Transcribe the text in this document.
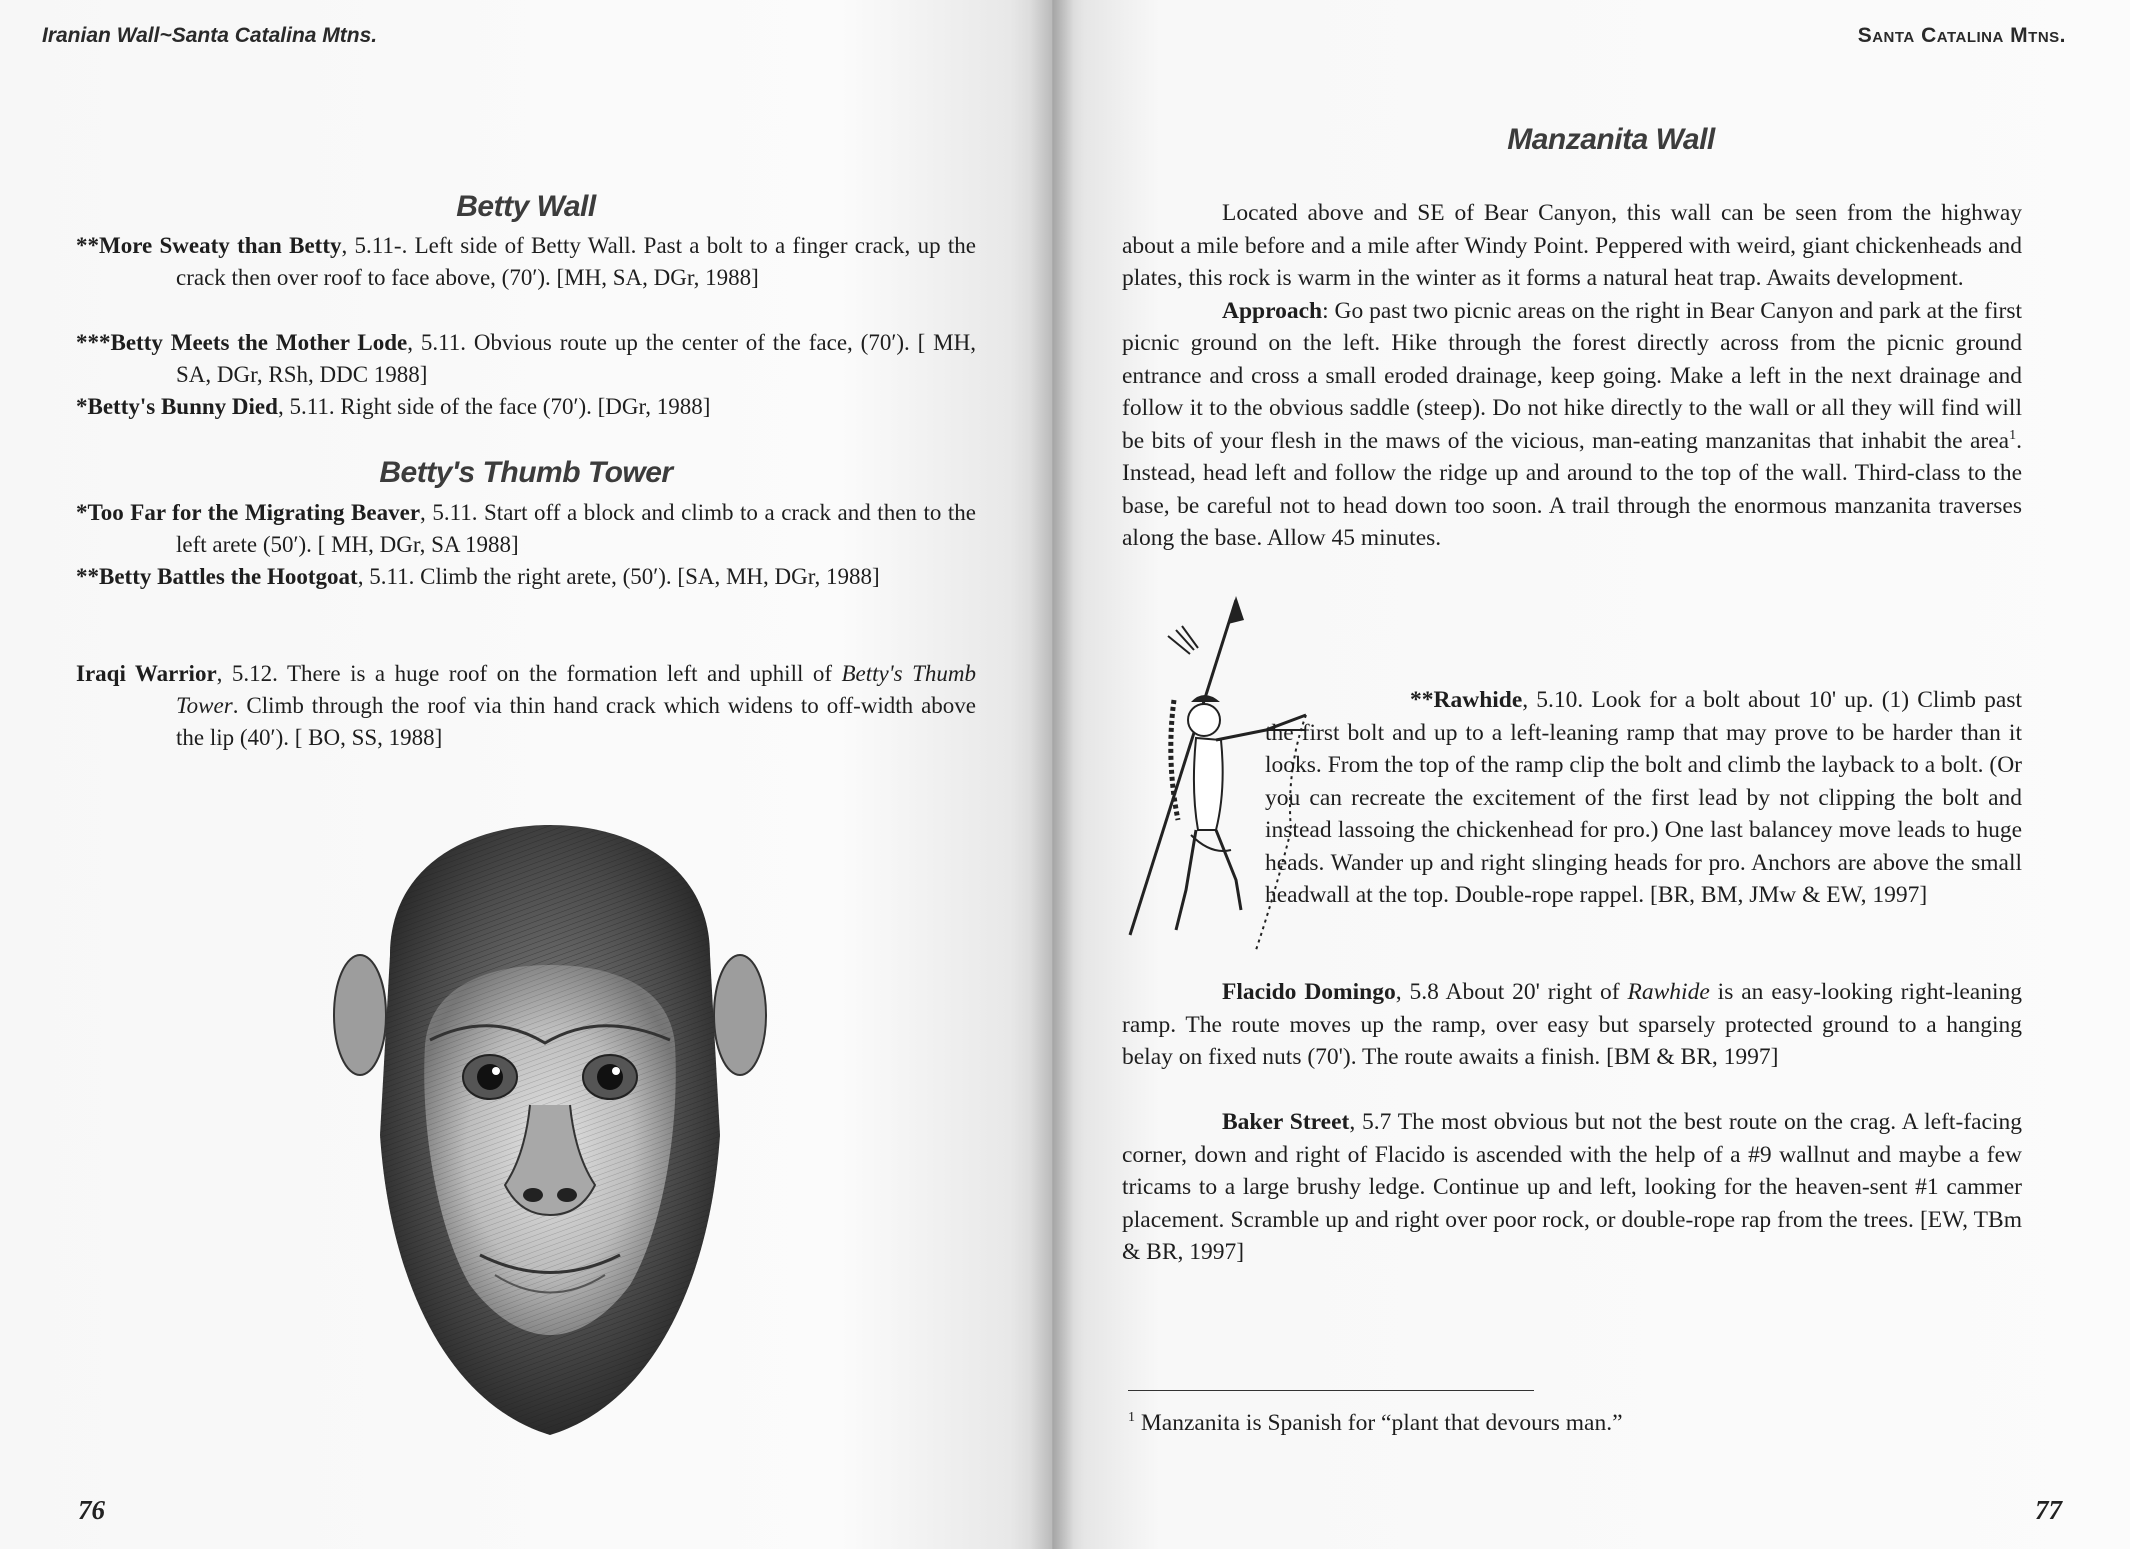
Iranian Wall~Santa Catalina Mtns.
Betty Wall
**More Sweaty than Betty, 5.11-. Left side of Betty Wall. Past a bolt to a finger crack, up the crack then over roof to face above, (70′). [MH, SA, DGr, 1988]
***Betty Meets the Mother Lode, 5.11. Obvious route up the center of the face, (70′). [ MH, SA, DGr, RSh, DDC 1988]
*Betty's Bunny Died, 5.11. Right side of the face (70′). [DGr, 1988]
Betty's Thumb Tower
*Too Far for the Migrating Beaver, 5.11. Start off a block and climb to a crack and then to the left arete (50′). [ MH, DGr, SA 1988]
**Betty Battles the Hootgoat, 5.11. Climb the right arete, (50′). [SA, MH, DGr, 1988]
Iraqi Warrior, 5.12. There is a huge roof on the formation left and uphill of Betty's Thumb Tower. Climb through the roof via thin hand crack which widens to off-width above the lip (40′). [ BO, SS, 1988]
76
Santa Catalina Mtns.
Manzanita Wall
77

Located above and SE of Bear Canyon, this wall can be seen from the highway about a mile before and a mile after Windy Point. Peppered with weird, giant chickenheads and plates, this rock is warm in the winter as it forms a natural heat trap. Awaits development.

Approach: Go past two picnic areas on the right in Bear Canyon and park at the first picnic ground on the left. Hike through the forest directly across from the picnic ground entrance and cross a small eroded drainage, keep going. Make a left in the next drainage and follow it to the obvious saddle (steep). Do not hike directly to the wall or all they will find will be bits of your flesh in the maws of the vicious, man-eating manzanitas that inhabit the area$^1$. Instead, head left and follow the ridge up and around to the top of the wall. Third-class to the base, be careful not to head down too soon. A trail through the enormous manzanita traverses along the base. Allow 45 minutes.

**Rawhide, 5.10. Look for a bolt about 10' up. (1) Climb past the first bolt and up to a left-leaning ramp that may prove to be harder than it looks. From the top of the ramp clip the bolt and climb the layback to a bolt. (Or you can recreate the excitement of the first lead by not clipping the bolt and instead lassoing the chickenhead for pro.) One last balancey move leads to huge heads. Wander up and right slinging heads for pro. Anchors are above the small headwall at the top. Double-rope rappel. [BR, BM, JMw & EW, 1997]

Flacido Domingo, 5.8 About 20' right of Rawhide is an easy-looking right-leaning ramp. The route moves up the ramp, over easy but sparsely protected ground to a hanging belay on fixed nuts (70'). The route awaits a finish. [BM & BR, 1997]

Baker Street, 5.7 The most obvious but not the best route on the crag. A left-facing corner, down and right of Flacido is ascended with the help of a #9 wallnut and maybe a few tricams to a large brushy ledge. Continue up and left, looking for the heaven-sent #1 cammer placement. Scramble up and right over poor rock, or double-rope rap from the trees. [EW, TBm & BR, 1997]

$^1$ Manzanita is Spanish for “plant that devours man.”
